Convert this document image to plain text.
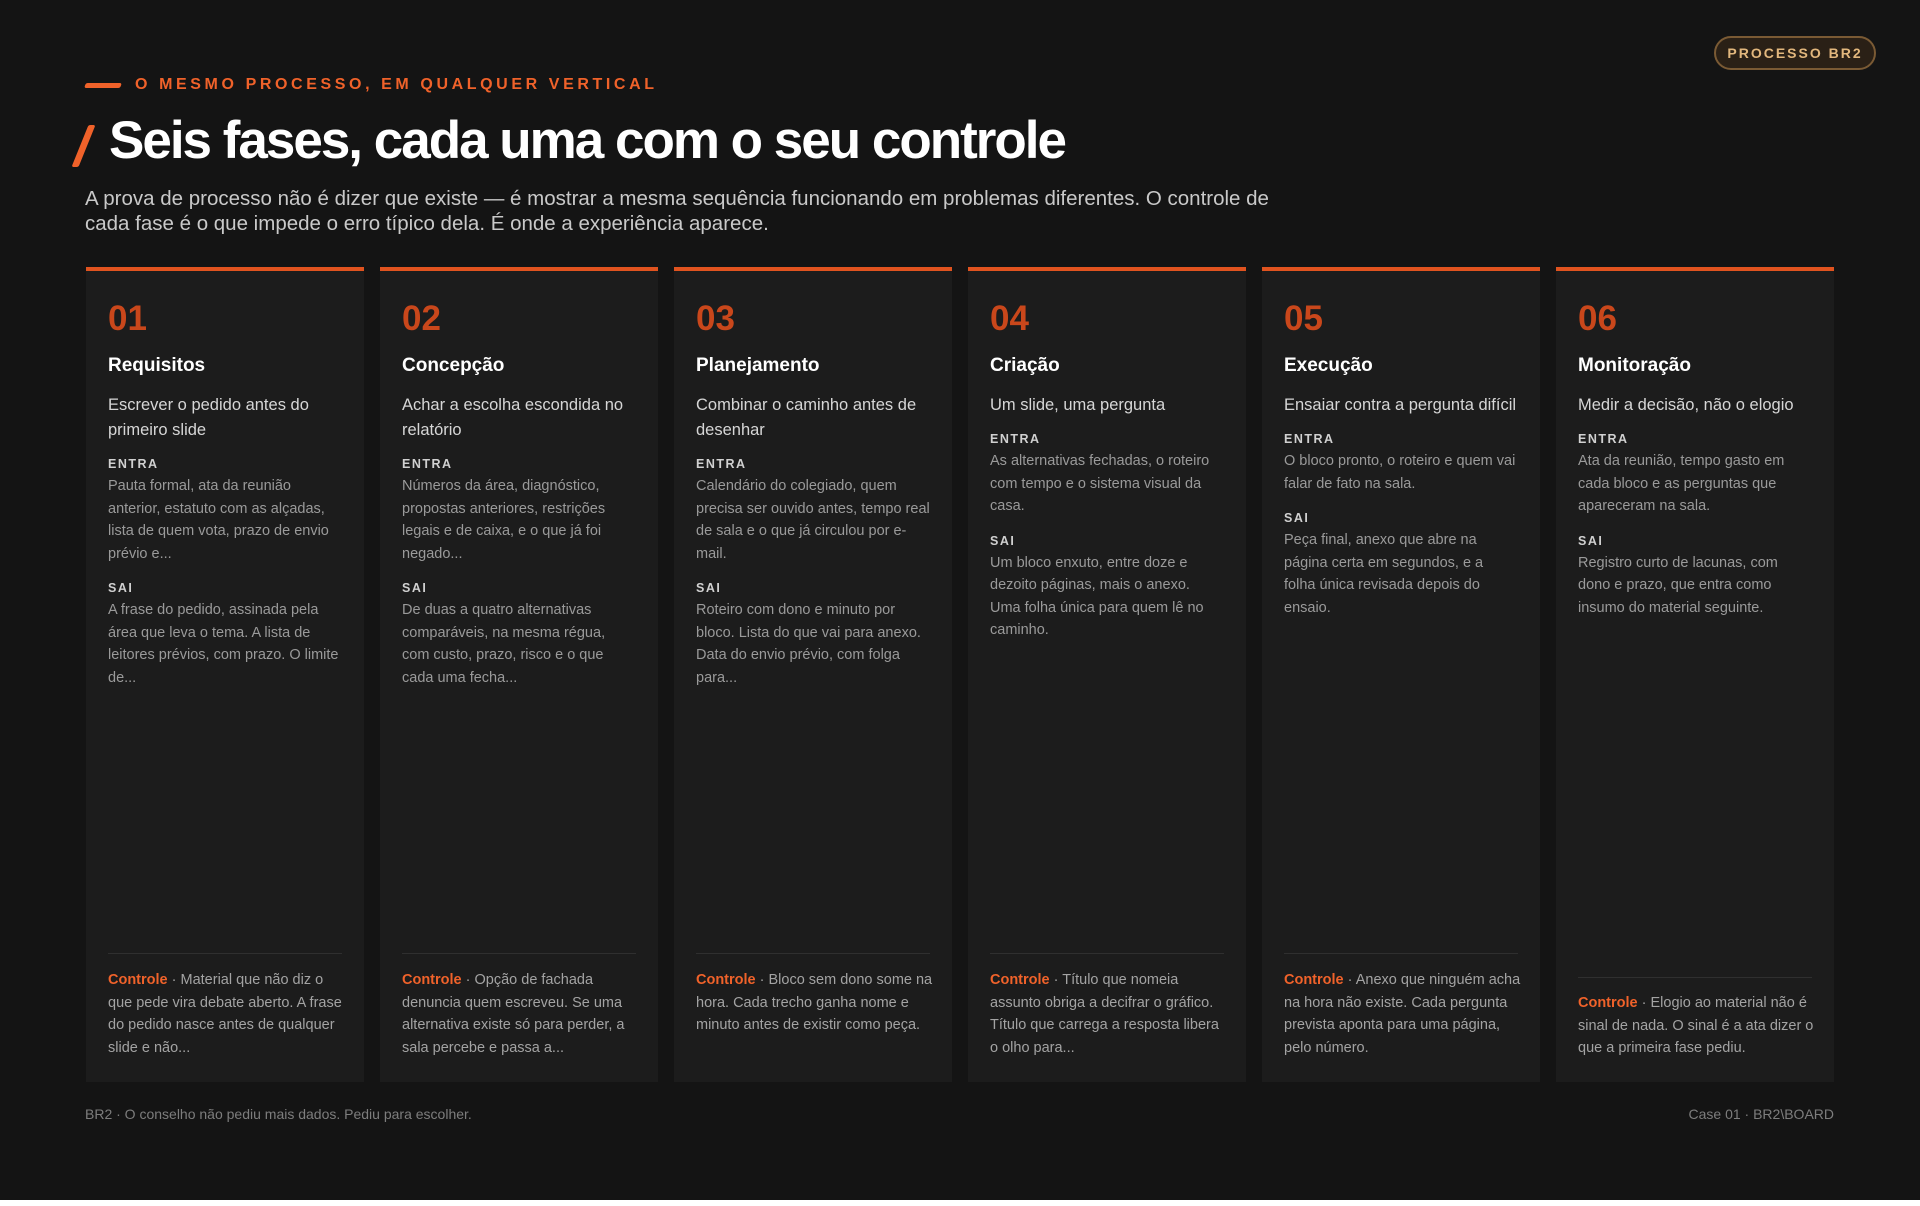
PROCESSO BR2
O MESMO PROCESSO, EM QUALQUER VERTICAL
Seis fases, cada uma com o seu controle
A prova de processo não é dizer que existe — é mostrar a mesma sequência funcionando em problemas diferentes. O controle de cada fase é o que impede o erro típico dela. É onde a experiência aparece.
01
Requisitos
Escrever o pedido antes do primeiro slide
ENTRA
Pauta formal, ata da reunião anterior, estatuto com as alçadas, lista de quem vota, prazo de envio prévio e...
SAI
A frase do pedido, assinada pela área que leva o tema. A lista de leitores prévios, com prazo. O limite de...
Controle · Material que não diz o que pede vira debate aberto. A frase do pedido nasce antes de qualquer slide e não...
02
Concepção
Achar a escolha escondida no relatório
ENTRA
Números da área, diagnóstico, propostas anteriores, restrições legais e de caixa, e o que já foi negado...
SAI
De duas a quatro alternativas comparáveis, na mesma régua, com custo, prazo, risco e o que cada uma fecha...
Controle · Opção de fachada denuncia quem escreveu. Se uma alternativa existe só para perder, a sala percebe e passa a...
03
Planejamento
Combinar o caminho antes de desenhar
ENTRA
Calendário do colegiado, quem precisa ser ouvido antes, tempo real de sala e o que já circulou por e-mail.
SAI
Roteiro com dono e minuto por bloco. Lista do que vai para anexo. Data do envio prévio, com folga para...
Controle · Bloco sem dono some na hora. Cada trecho ganha nome e minuto antes de existir como peça.
04
Criação
Um slide, uma pergunta
ENTRA
As alternativas fechadas, o roteiro com tempo e o sistema visual da casa.
SAI
Um bloco enxuto, entre doze e dezoito páginas, mais o anexo. Uma folha única para quem lê no caminho.
Controle · Título que nomeia assunto obriga a decifrar o gráfico. Título que carrega a resposta libera o olho para...
05
Execução
Ensaiar contra a pergunta difícil
ENTRA
O bloco pronto, o roteiro e quem vai falar de fato na sala.
SAI
Peça final, anexo que abre na página certa em segundos, e a folha única revisada depois do ensaio.
Controle · Anexo que ninguém acha na hora não existe. Cada pergunta prevista aponta para uma página, pelo número.
06
Monitoração
Medir a decisão, não o elogio
ENTRA
Ata da reunião, tempo gasto em cada bloco e as perguntas que apareceram na sala.
SAI
Registro curto de lacunas, com dono e prazo, que entra como insumo do material seguinte.
Controle · Elogio ao material não é sinal de nada. O sinal é a ata dizer o que a primeira fase pediu.
BR2 · O conselho não pediu mais dados. Pediu para escolher.	Case 01 · BR2\BOARD
